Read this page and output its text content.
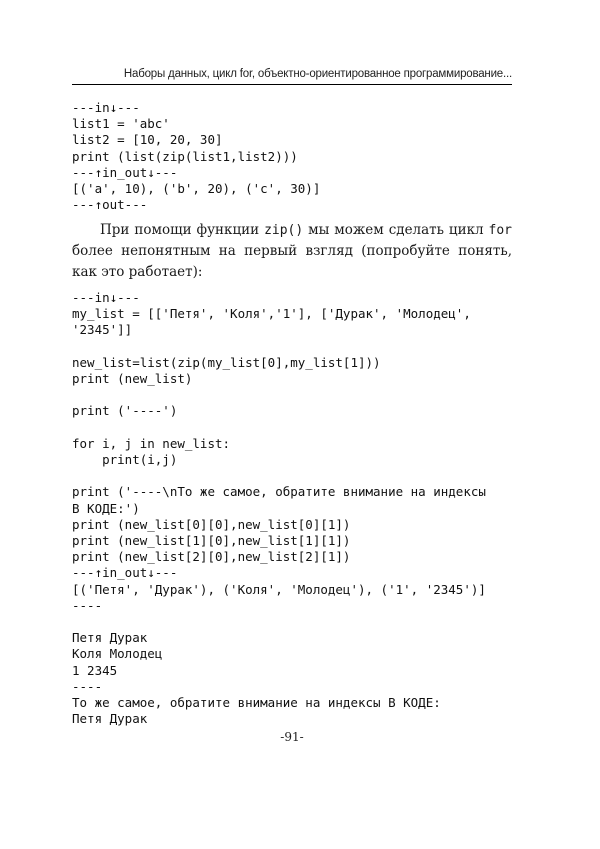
Наборы данных, цикл for, объектно-ориентированное программирование...
---in↓---
list1 = 'abc'
list2 = [10, 20, 30]
print (list(zip(list1,list2)))
---↑in_out↓---
[('a', 10), ('b', 20), ('c', 30)]
---↑out---
При помощи функции zip() мы можем сделать цикл for более непонятным на первый взгляд (попробуйте понять, как это работает):
---in↓---
my_list = [['Петя', 'Коля','1'], ['Дурак', 'Молодец',
'2345']]

new_list=list(zip(my_list[0],my_list[1]))
print (new_list)

print ('----')

for i, j in new_list:
print(i,j)

print ('----\nТо же самое, обратите внимание на индексы
В КОДЕ:')
print (new_list[0][0],new_list[0][1])
print (new_list[1][0],new_list[1][1])
print (new_list[2][0],new_list[2][1])
---↑in_out↓---
[('Петя', 'Дурак'), ('Коля', 'Молодец'), ('1', '2345')]
----

Петя Дурак
Коля Молодец
1 2345
----
То же самое, обратите внимание на индексы В КОДЕ:
Петя Дурак
-91-
